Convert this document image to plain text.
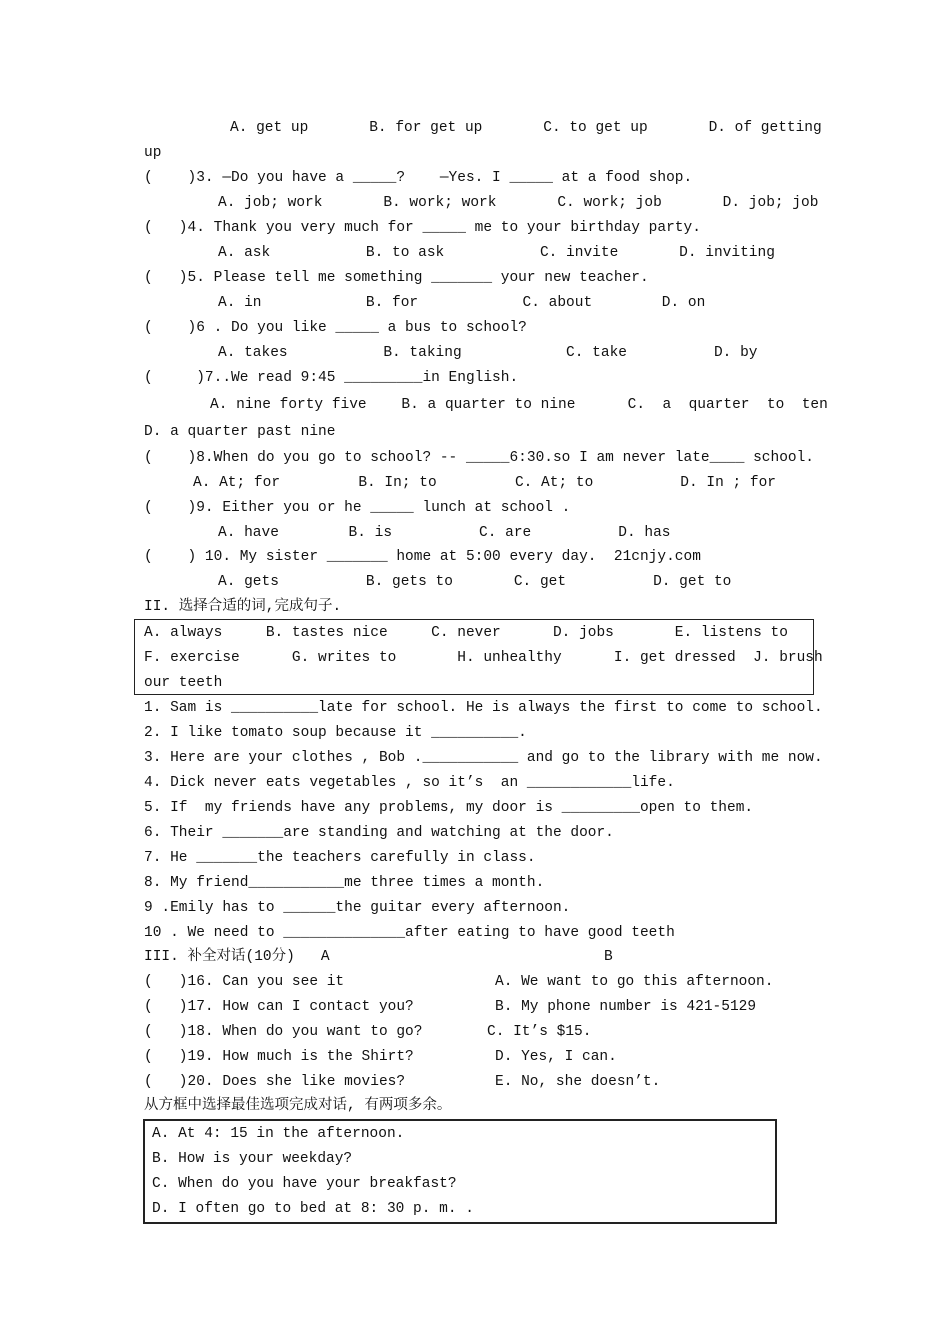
A. get up       B. for get up       C. to get up       D. of getting
up
(    )3. —Do you have a _____?    —Yes. I _____ at a food shop.
A. job; work       B. work; work       C. work; job       D. job; job
(   )4. Thank you very much for _____ me to your birthday party.
A. ask           B. to ask           C. invite       D. inviting
(   )5. Please tell me something _______ your new teacher.
A. in            B. for            C. about        D. on
(    )6 . Do you like _____ a bus to school?
A. takes           B. taking            C. take          D. by
(     )7..We read 9:45 _________in English.
A. nine forty five    B. a quarter to nine      C.  a  quarter  to  ten
D. a quarter past nine
(    )8.When do you go to school? -- _____6:30.so I am never late____ school.
A. At; for         B. In; to         C. At; to          D. In ; for
(    )9. Either you or he _____ lunch at school .
A. have        B. is          C. are          D. has
(    ) 10. My sister _______ home at 5:00 every day.  21cnjy.com
A. gets          B. gets to       C. get          D. get to
II. 选择合适的词,完成句子.
A. always     B. tastes nice     C. never      D. jobs       E. listens to
F. exercise      G. writes to       H. unhealthy      I. get dressed  J. brush
our teeth
1. Sam is __________late for school. He is always the first to come to school.
2. I like tomato soup because it __________.
3. Here are your clothes , Bob .___________ and go to the library with me now.
4. Dick never eats vegetables , so it’s  an ____________life.
5. If  my friends have any problems, my door is _________open to them.
6. Their _______are standing and watching at the door.
7. He _______the teachers carefully in class.
8. My friend___________me three times a month.
9 .Emily has to ______the guitar every afternoon.
10 . We need to ______________after eating to have good teeth
III. 补全对话(10分)   A	B
(   )16. Can you see it	A. We want to go this afternoon.
(   )17. How can I contact you?	B. My phone number is 421-5129
(   )18. When do you want to go?	C. It’s $15.
(   )19. How much is the Shirt?	D. Yes, I can.
(   )20. Does she like movies?	E. No, she doesn’t.
从方框中选择最佳选项完成对话, 有两项多余。
A. At 4: 15 in the afternoon.
B. How is your weekday?
C. When do you have your breakfast?
D. I often go to bed at 8: 30 p. m. .
